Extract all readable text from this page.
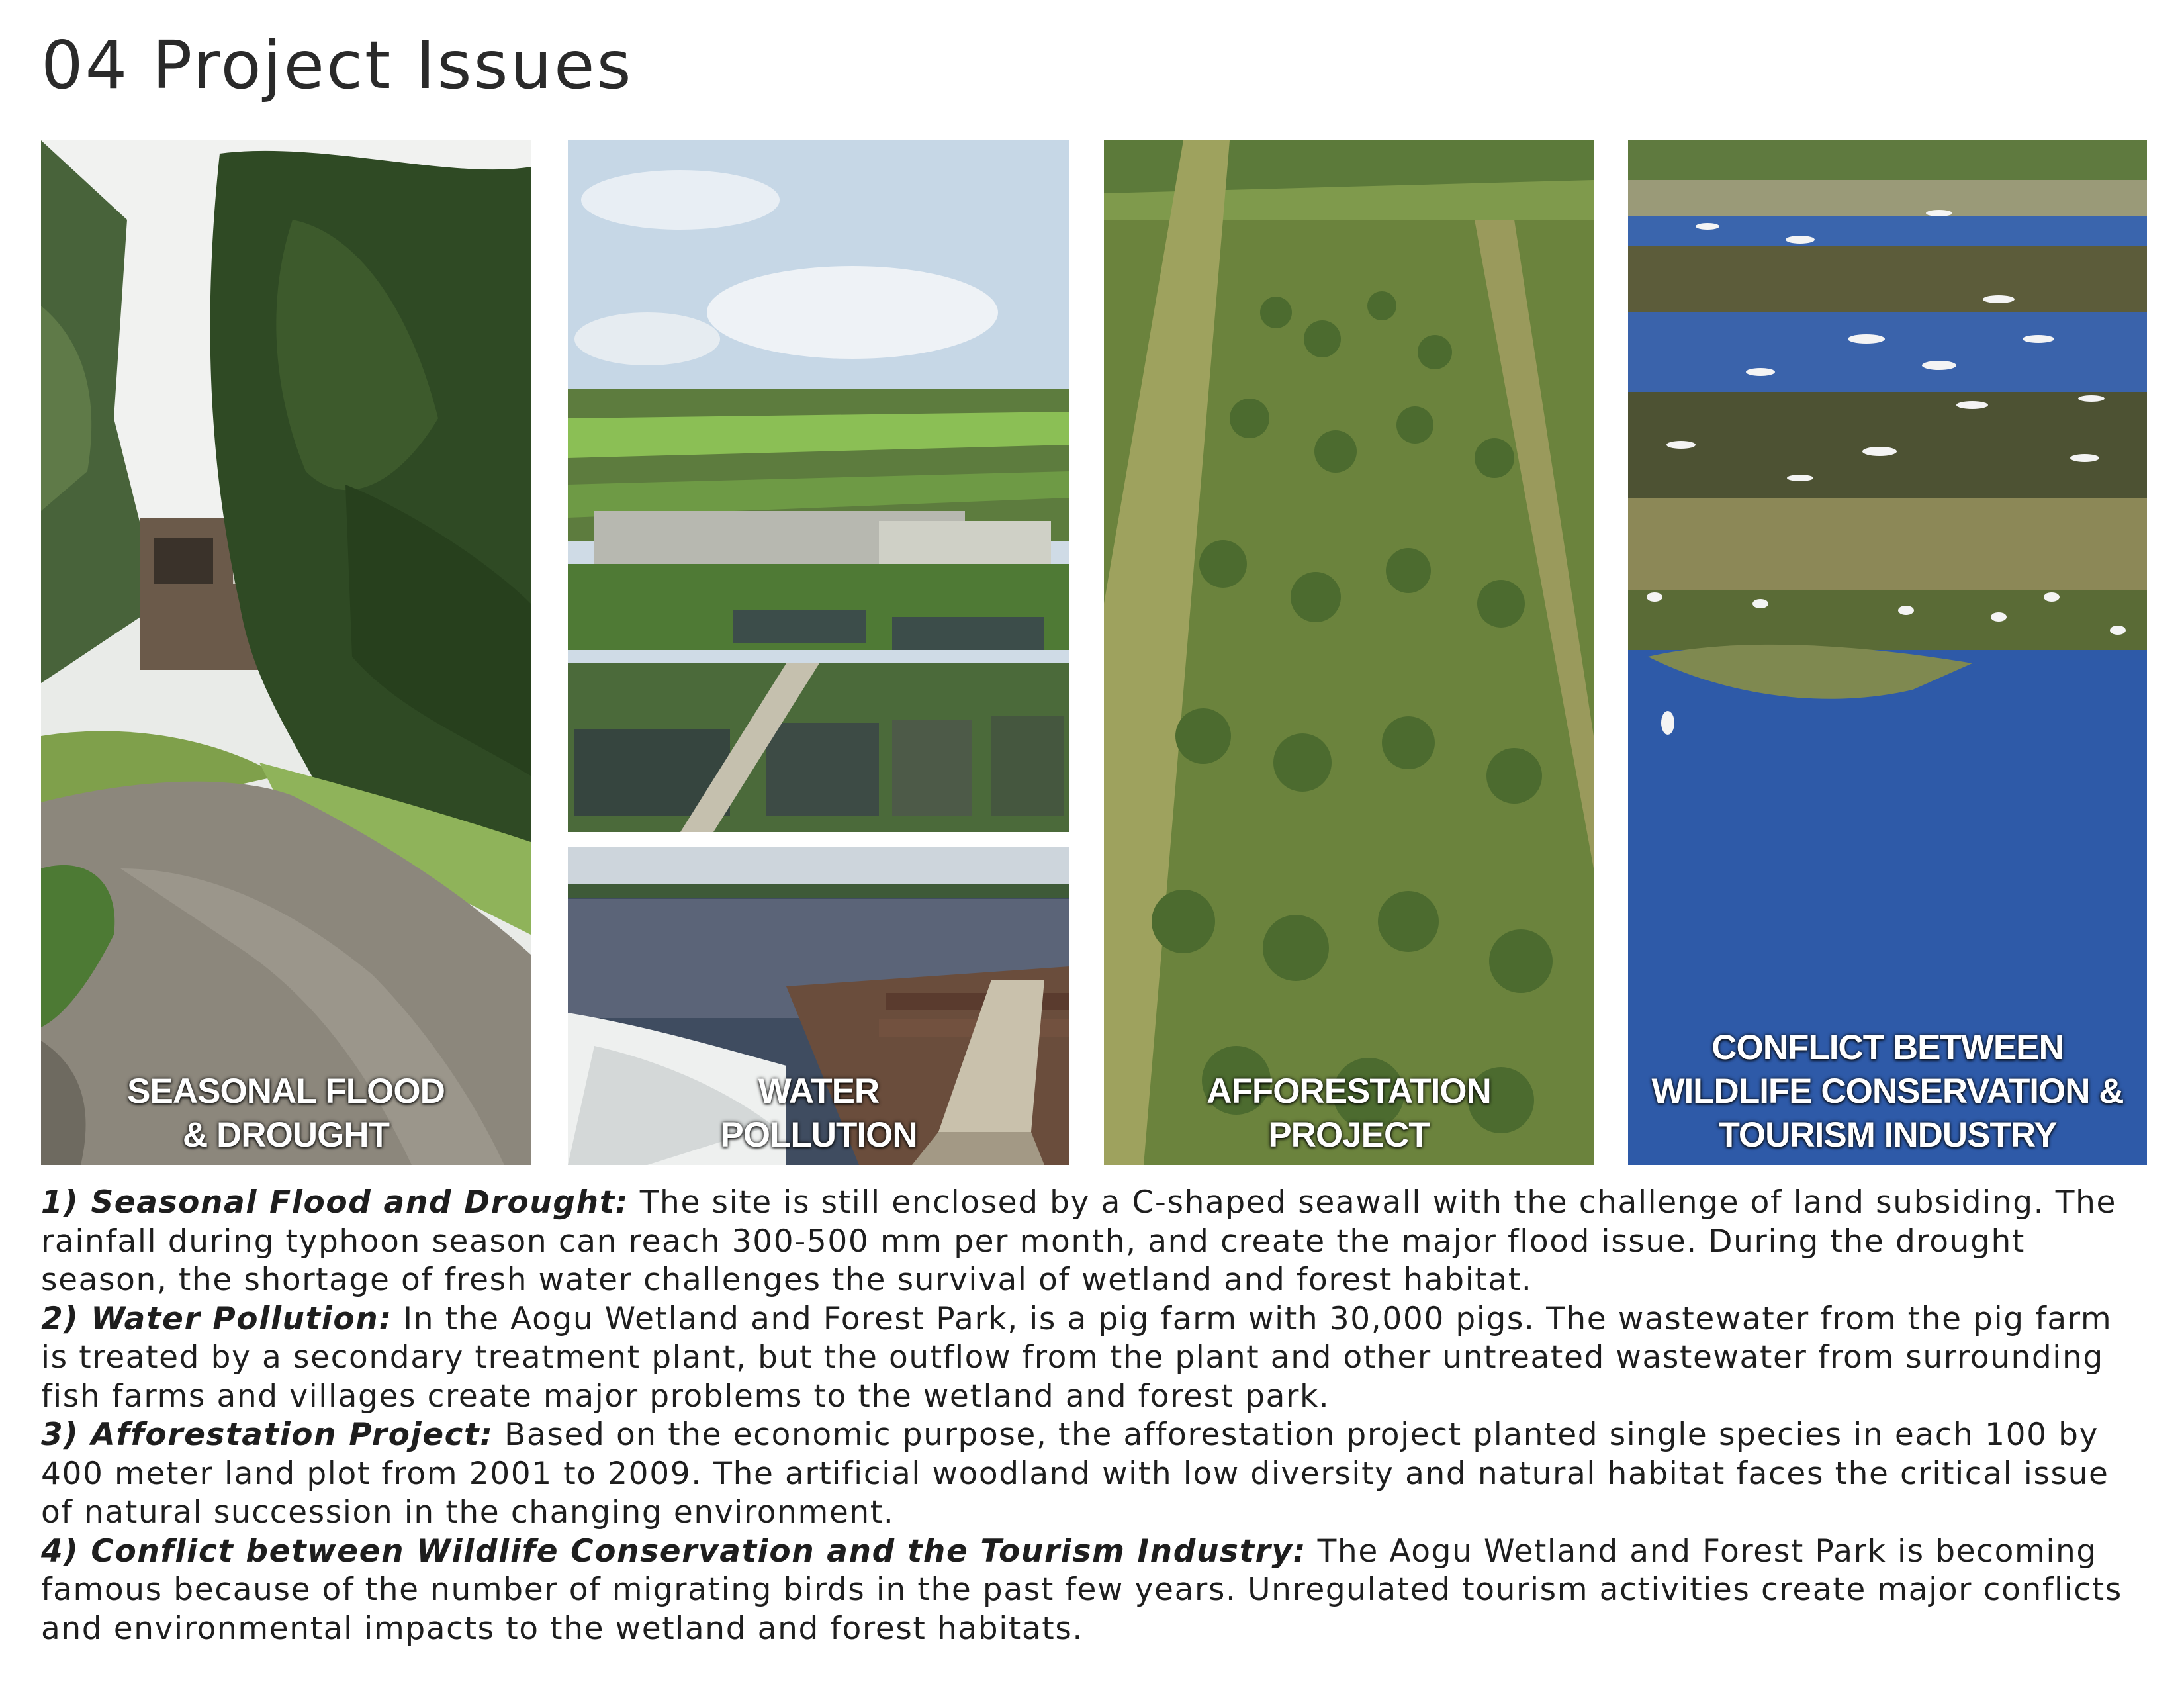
04 Project Issues
SEASONAL FLOOD
& DROUGHT
WATER
POLLUTION
AFFORESTATION
PROJECT
CONFLICT BETWEEN
WILDLIFE CONSERVATION &
TOURISM INDUSTRY

1) Seasonal Flood and Drought: The site is still enclosed by a C-shaped seawall with the challenge of land subsiding. The rainfall during typhoon season can reach 300-500 mm per month, and create the major flood issue. During the drought season, the shortage of fresh water challenges the survival of wetland and forest habitat.

2) Water Pollution: In the Aogu Wetland and Forest Park, is a pig farm with 30,000 pigs. The wastewater from the pig farm is treated by a secondary treatment plant, but the outflow from the plant and other untreated wastewater from surrounding fish farms and villages create major problems to the wetland and forest park.

3) Afforestation Project: Based on the economic purpose, the afforestation project planted single species in each 100 by 400 meter land plot from 2001 to 2009. The artificial woodland with low diversity and natural habitat faces the critical issue of natural succession in the changing environment.

4) Conflict between Wildlife Conservation and the Tourism Industry: The Aogu Wetland and Forest Park is becoming famous because of the number of migrating birds in the past few years. Unregulated tourism activities create major conflicts and environmental impacts to the wetland and forest habitats.
